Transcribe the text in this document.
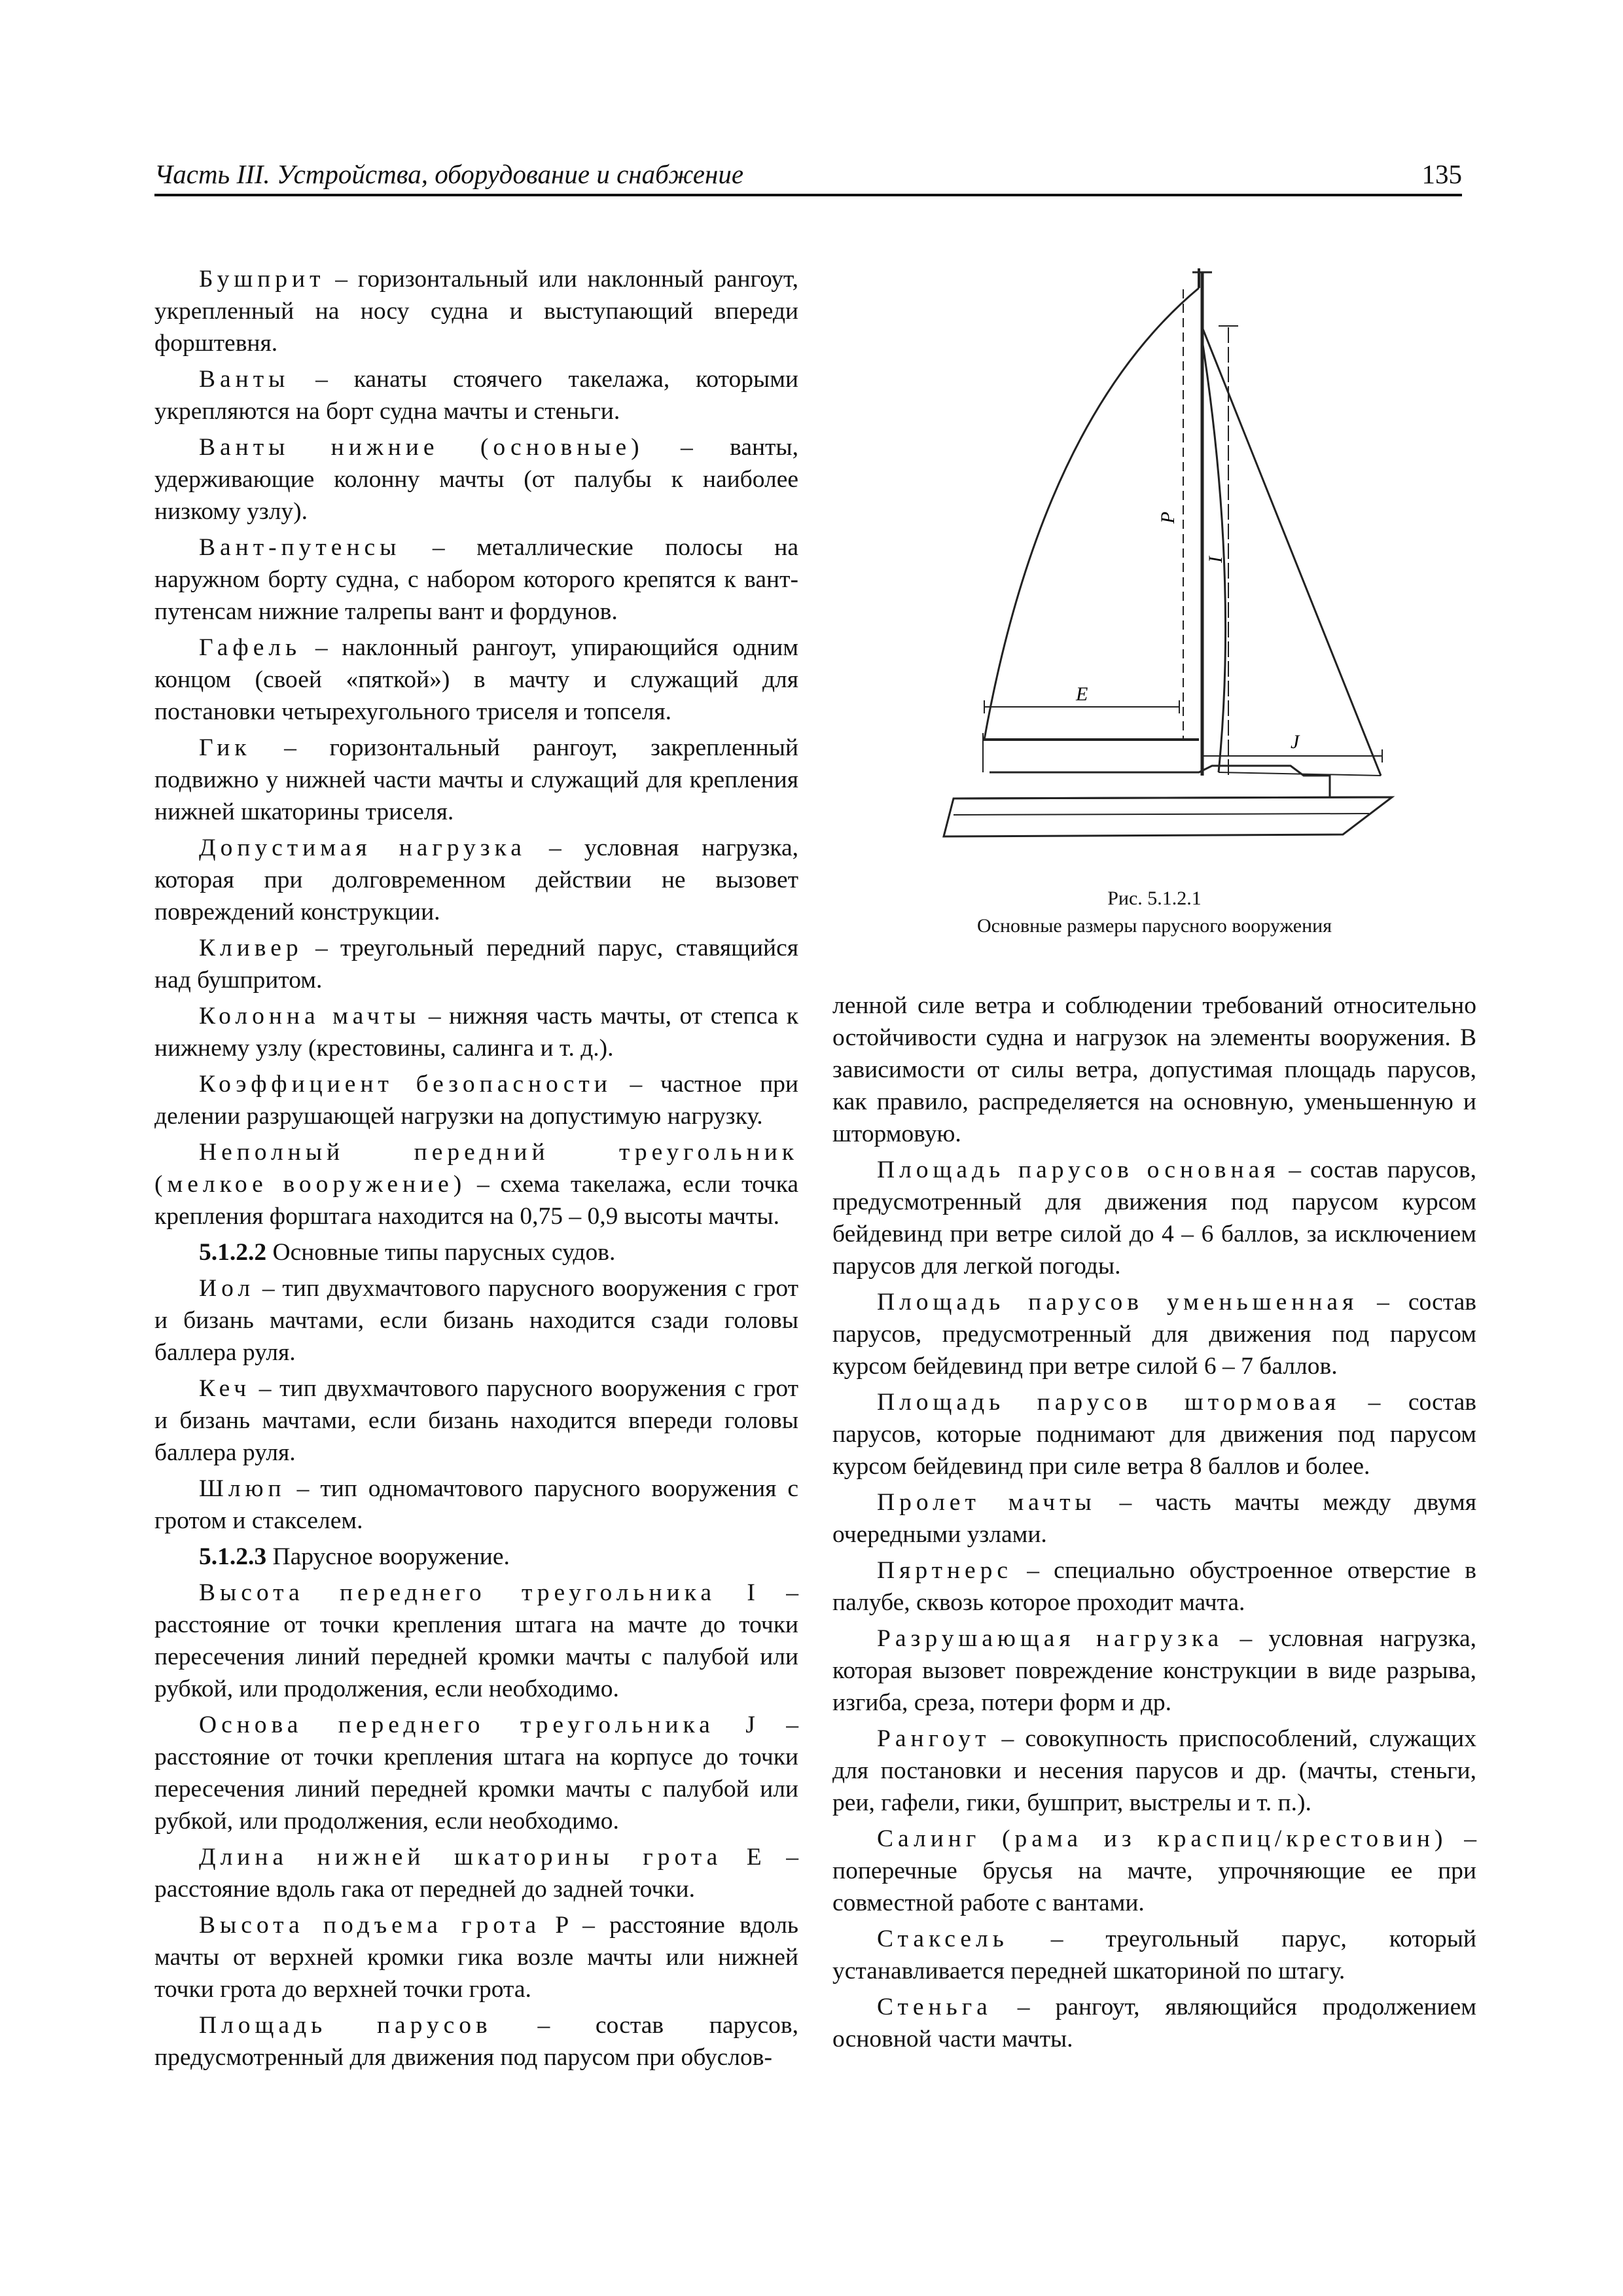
Часть III. Устройства, оборудование и снабжение	135
P
I
E
J
Рис. 5.1.2.1
Основные размеры парусного вооружения

Бушприт – горизонтальный или наклонный рангоут, укрепленный на носу судна и выступающий впереди форштевня.

Ванты – канаты стоячего такелажа, которыми укрепляются на борт судна мачты и стеньги.

Ванты нижние (основные) – ванты, удерживающие колонну мачты (от палубы к наиболее низкому узлу).

Вант-путенсы – металлические полосы на наружном борту судна, с набором которого крепятся к вант-путенсам нижние талрепы вант и фордунов.

Гафель – наклонный рангоут, упирающийся одним концом (своей «пяткой») в мачту и служащий для постановки четырехугольного триселя и топселя.

Гик – горизонтальный рангоут, закрепленный подвижно у нижней части мачты и служащий для крепления нижней шкаторины триселя.

Допустимая нагрузка – условная нагрузка, которая при долговременном действии не вызовет повреждений конструкции.

Кливер – треугольный передний парус, ставящийся над бушпритом.

Колонна мачты – нижняя часть мачты, от степса к нижнему узлу (крестовины, салинга и т. д.).

Коэффициент безопасности – частное при делении разрушающей нагрузки на допустимую нагрузку.

Неполный передний треугольник (мелкое вооружение) – схема такелажа, если точка крепления форштага находится на 0,75 – 0,9 высоты мачты.

5.1.2.2 Основные типы парусных судов.

Иол – тип двухмачтового парусного вооружения с грот и бизань мачтами, если бизань находится сзади головы баллера руля.

Кеч – тип двухмачтового парусного вооружения с грот и бизань мачтами, если бизань находится впереди головы баллера руля.

Шлюп – тип одномачтового парусного вооружения с гротом и стакселем.

5.1.2.3 Парусное вооружение.

Высота переднего треугольника I – расстояние от точки крепления штага на мачте до точки пересечения линий передней кромки мачты с палубой или рубкой, или продолжения, если необходимо.

Основа переднего треугольника J – расстояние от точки крепления штага на корпусе до точки пересечения линий передней кромки мачты с палубой или рубкой, или продолжения, если необходимо.

Длина нижней шкаторины грота E – расстояние вдоль гака от передней до задней точки.

Высота подъема грота P – расстояние вдоль мачты от верхней кромки гика возле мачты или нижней точки грота до верхней точки грота.

Площадь парусов – состав парусов, предусмотренный для движения под парусом при обуслов-

ленной силе ветра и соблюдении требований относительно остойчивости судна и нагрузок на элементы вооружения. В зависимости от силы ветра, допустимая площадь парусов, как правило, распределяется на основную, уменьшенную и штормовую.

Площадь парусов основная – состав парусов, предусмотренный для движения под парусом курсом бейдевинд при ветре силой до 4 – 6 баллов, за исключением парусов для легкой погоды.

Площадь парусов уменьшенная – состав парусов, предусмотренный для движения под парусом курсом бейдевинд при ветре силой 6 – 7 баллов.

Площадь парусов штормовая – состав парусов, которые поднимают для движения под парусом курсом бейдевинд при силе ветра 8 баллов и более.

Пролет мачты – часть мачты между двумя очередными узлами.

Пяртнерс – специально обустроенное отверстие в палубе, сквозь которое проходит мачта.

Разрушающая нагрузка – условная нагрузка, которая вызовет повреждение конструкции в виде разрыва, изгиба, среза, потери форм и др.

Рангоут – совокупность приспособлений, служащих для постановки и несения парусов и др. (мачты, стеньги, реи, гафели, гики, бушприт, выстрелы и т. п.).

Салинг (рама из краспиц/крестовин) – поперечные брусья на мачте, упрочняющие ее при совместной работе с вантами.

Стаксель – треугольный парус, который устанавливается передней шкаториной по штагу.

Стеньга – рангоут, являющийся продолжением основной части мачты.
